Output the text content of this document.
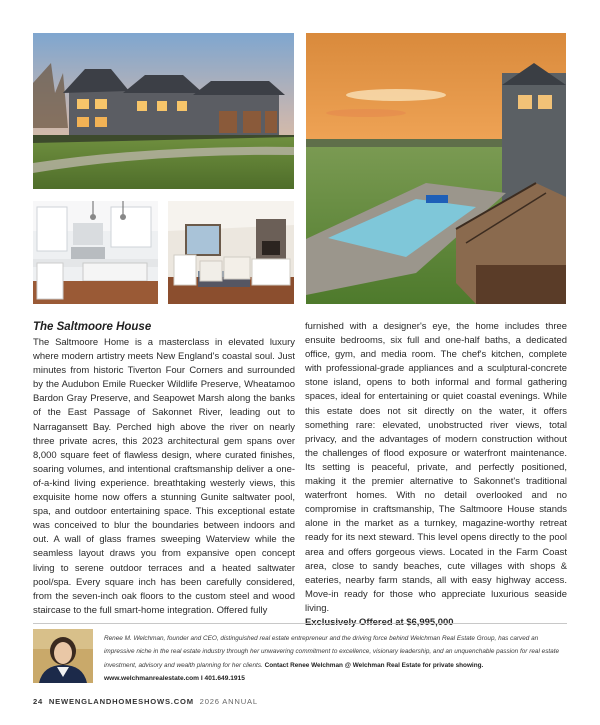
The Saltmoore House

The Saltmoore Home is a masterclass in elevated luxury where modern artistry meets New England's coastal soul. Just minutes from historic Tiverton Four Corners and surrounded by the Audubon Emile Ruecker Wildlife Preserve, Wheatamoo Bardon Gray Preserve, and Seapowet Marsh along the banks of the East Passage of Sakonnet River, leading out to Narragansett Bay. Perched high above the river on nearly three private acres, this 2023 architectural gem spans over 8,000 square feet of flawless design, where curated finishes, soaring volumes, and intentional craftsmanship deliver a one-of-a-kind living experience. breathtaking westerly views, this exquisite home now offers a stunning Gunite saltwater pool, spa, and outdoor entertaining space. This exceptional estate was conceived to blur the boundaries between indoors and out. A wall of glass frames sweeping Waterview while the seamless layout draws you from expansive open concept living to serene outdoor terraces and a heated saltwater pool/spa. Every square inch has been carefully considered, from the seven-inch oak floors to the custom steel and wood staircase to the full smart-home integration. Offered fully

furnished with a designer's eye, the home includes three ensuite bedrooms, six full and one-half baths, a dedicated office, gym, and media room. The chef's kitchen, complete with professional-grade appliances and a sculptural-concrete stone island, opens to both informal and formal gathering spaces, ideal for entertaining or quiet coastal evenings. While this estate does not sit directly on the water, it offers something rare: elevated, unobstructed river views, total privacy, and the advantages of modern construction without the challenges of flood exposure or waterfront maintenance. Its setting is peaceful, private, and perfectly positioned, making it the premier alternative to Sakonnet's traditional waterfront homes. With no detail overlooked and no compromise in craftsmanship, The Saltmoore House stands alone in the market as a turnkey, magazine-worthy retreat ready for its next steward. This level opens directly to the pool area and offers gorgeous views. Located in the Farm Coast area, close to sandy beaches, cute villages with shops & eateries, nearby farm stands, all with easy highway access. Move-in ready for those who appreciate luxurious seaside living.

Renee M. Welchman, founder and CEO, distinguished real estate entrepreneur and the driving force behind Welchman Real Estate Group, has carved an impressive niche in the real estate industry through her unwavering commitment to excellence, visionary leadership, and an unquenchable passion for real estate investment, advisory and wealth planning for her clients. Contact Renee Welchman @ Welchman Real Estate for private showing.
www.welchmanrealestate.com I 401.649.1915
24 NEWENGLANDHOMESHOWS.COM 2026 ANNUAL
